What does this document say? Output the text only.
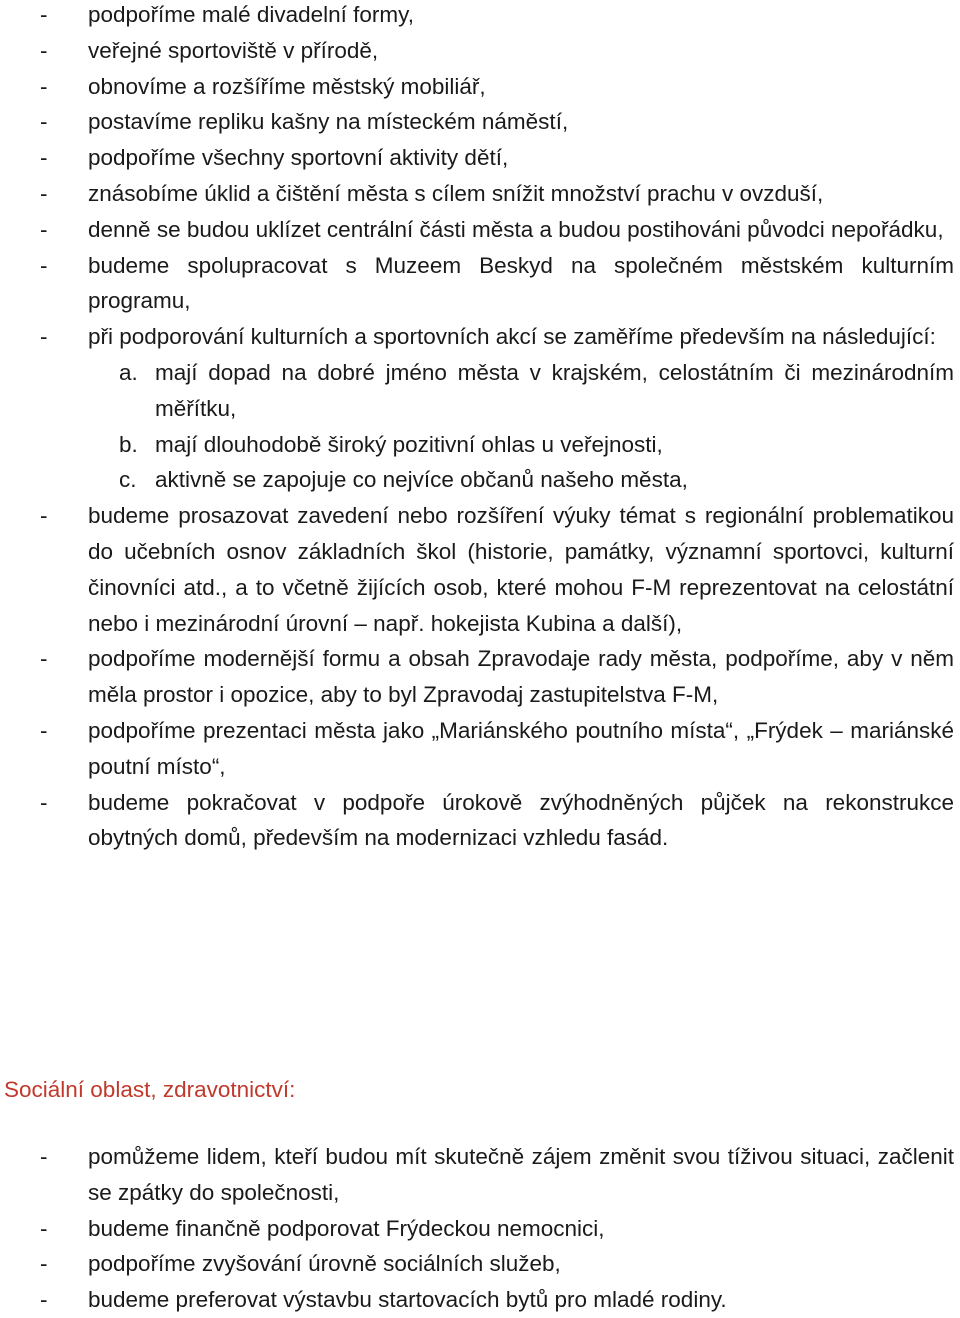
- podpoříme malé divadelní formy,
- veřejné sportoviště v přírodě,
- obnovíme a rozšíříme městský mobiliář,
- postavíme repliku kašny na místeckém náměstí,
- podpoříme všechny sportovní aktivity dětí,
- znásobíme úklid a čištění města s cílem snížit množství prachu v ovzduší,
- denně se budou uklízet centrální části města a budou postihováni původci nepořádku,
- budeme spolupracovat s Muzeem Beskyd na společném městském kulturním programu,
- při podporování kulturních a sportovních akcí se zaměříme především na následující:
a. mají dopad na dobré jméno města v krajském, celostátním či mezinárodním měřítku,
b. mají dlouhodobě široký pozitivní ohlas u veřejnosti,
c. aktivně se zapojuje co nejvíce občanů našeho města,
- budeme prosazovat zavedení nebo rozšíření výuky témat s regionální problematikou do učebních osnov základních škol (historie, památky, významní sportovci, kulturní činovníci atd., a to včetně žijících osob, které mohou F-M reprezentovat na celostátní nebo i mezinárodní úrovní – např. hokejista Kubina a další),
- podpoříme modernější formu a obsah Zpravodaje rady města, podpoříme, aby v něm měla prostor i opozice, aby to byl Zpravodaj zastupitelstva F-M,
- podpoříme prezentaci města jako „Mariánského poutního místa“, „Frýdek – mariánské poutní místo“,
- budeme pokračovat v podpoře úrokově zvýhodněných půjček na rekonstrukce obytných domů, především na modernizaci vzhledu fasád.
Sociální oblast, zdravotnictví:
- pomůžeme lidem, kteří budou mít skutečně zájem změnit svou tíživou situaci, začlenit se zpátky do společnosti,
- budeme finančně podporovat Frýdeckou nemocnici,
- podpoříme zvyšování úrovně sociálních služeb,
- budeme preferovat výstavbu startovacích bytů pro mladé rodiny.
